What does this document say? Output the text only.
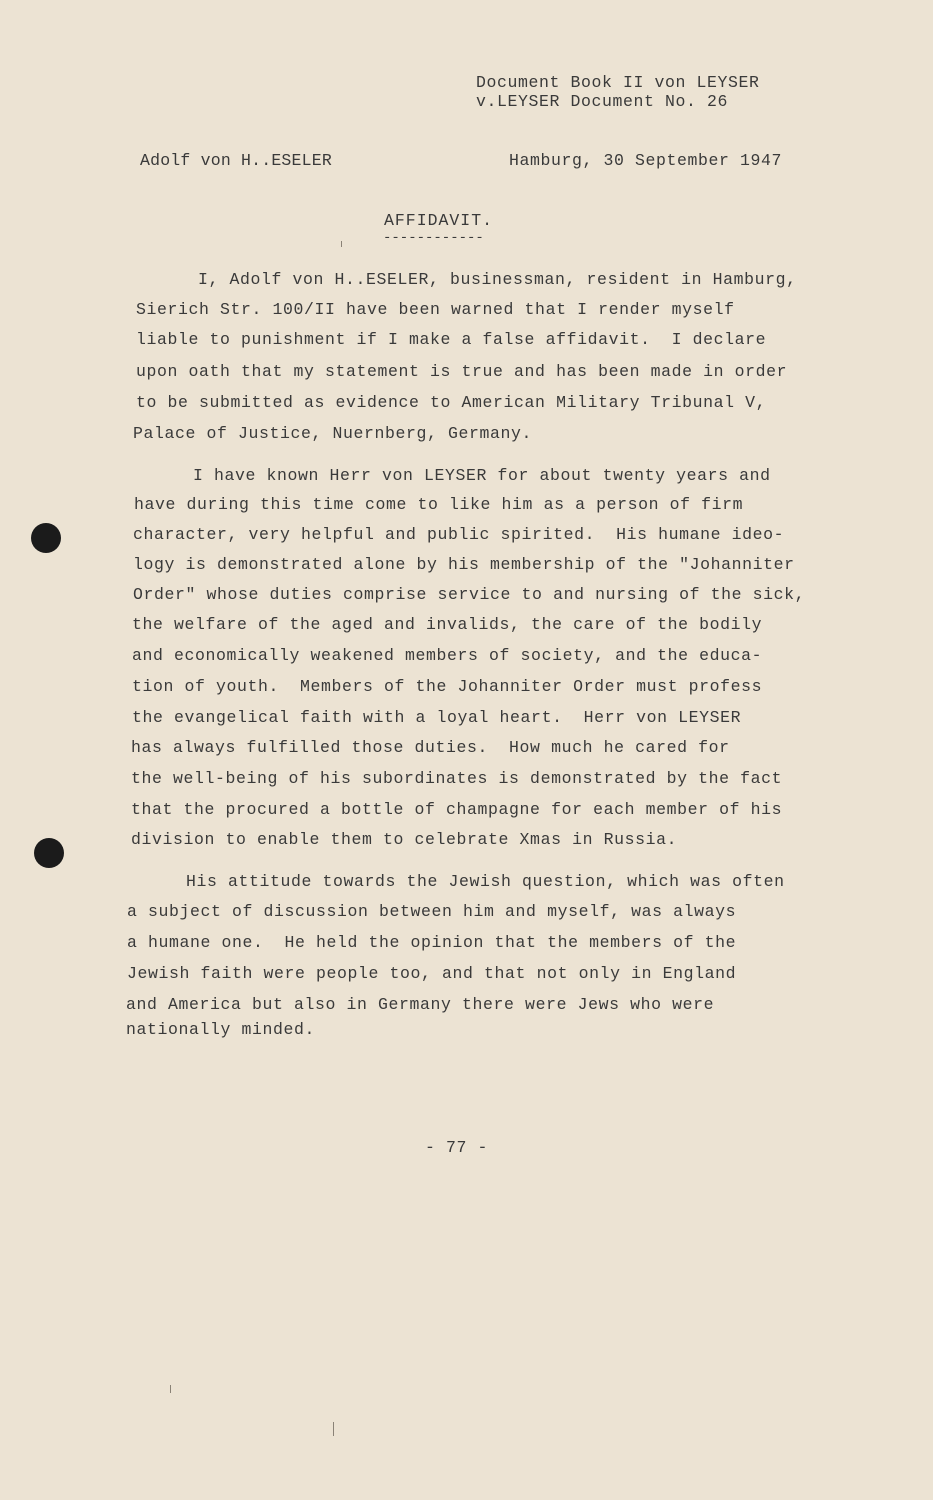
Document Book II von LEYSER
v.LEYSER Document No. 26
Adolf von H..ESELER	Hamburg, 30 September 1947
AFFIDAVIT.
------------
I, Adolf von H..ESELER, businessman, resident in Hamburg,
Sierich Str. 100/II have been warned that I render myself
liable to punishment if I make a false affidavit.  I declare
upon oath that my statement is true and has been made in order
to be submitted as evidence to American Military Tribunal V,
Palace of Justice, Nuernberg, Germany.
I have known Herr von LEYSER for about twenty years and
have during this time come to like him as a person of firm
character, very helpful and public spirited.  His humane ideo-
logy is demonstrated alone by his membership of the "Johanniter
Order" whose duties comprise service to and nursing of the sick,
the welfare of the aged and invalids, the care of the bodily
and economically weakened members of society, and the educa-
tion of youth.  Members of the Johanniter Order must profess
the evangelical faith with a loyal heart.  Herr von LEYSER
has always fulfilled those duties.  How much he cared for
the well-being of his subordinates is demonstrated by the fact
that the procured a bottle of champagne for each member of his
division to enable them to celebrate Xmas in Russia.
His attitude towards the Jewish question, which was often
a subject of discussion between him and myself, was always
a humane one.  He held the opinion that the members of the
Jewish faith were people too, and that not only in England
and America but also in Germany there were Jews who were
nationally minded.
- 77 -
